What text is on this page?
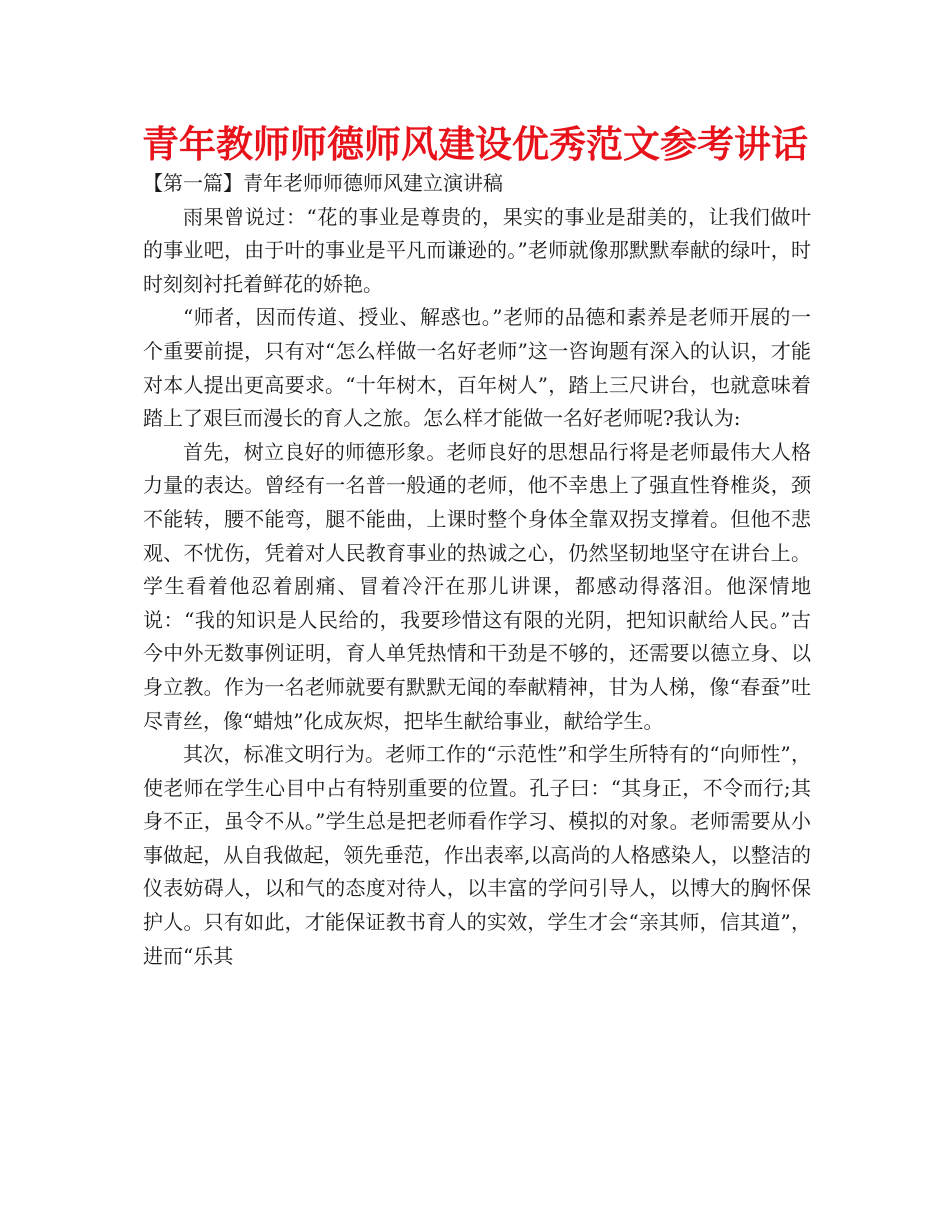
青年教师师德师风建设优秀范文参考讲话

【第一篇】青年老师师德师风建立演讲稿

雨果曾说过：“花的事业是尊贵的，果实的事业是甜美的，让我们做叶的事业吧，由于叶的事业是平凡而谦逊的。”老师就像那默默奉献的绿叶，时时刻刻衬托着鲜花的娇艳。

“师者，因而传道、授业、解惑也。”老师的品德和素养是老师开展的一个重要前提，只有对“怎么样做一名好老师”这一咨询题有深入的认识，才能对本人提出更高要求。“十年树木，百年树人”，踏上三尺讲台，也就意味着踏上了艰巨而漫长的育人之旅。怎么样才能做一名好老师呢?我认为:

首先，树立良好的师德形象。老师良好的思想品行将是老师最伟大人格力量的表达。曾经有一名普一般通的老师，他不幸患上了强直性脊椎炎，颈不能转，腰不能弯，腿不能曲，上课时整个身体全靠双拐支撑着。但他不悲观、不忧伤，凭着对人民教育事业的热诚之心，仍然坚韧地坚守在讲台上。学生看着他忍着剧痛、冒着冷汗在那儿讲课，都感动得落泪。他深情地说：“我的知识是人民给的，我要珍惜这有限的光阴，把知识献给人民。”古今中外无数事例证明，育人单凭热情和干劲是不够的，还需要以德立身、以身立教。作为一名老师就要有默默无闻的奉献精神，甘为人梯，像“春蚕”吐尽青丝，像“蜡烛”化成灰烬，把毕生献给事业，献给学生。

其次，标准文明行为。老师工作的“示范性”和学生所特有的“向师性”，使老师在学生心目中占有特别重要的位置。孔子曰：“其身正，不令而行;其身不正，虽令不从。”学生总是把老师看作学习、模拟的对象。老师需要从小事做起，从自我做起，领先垂范，作出表率,以高尚的人格感染人，以整洁的仪表妨碍人，以和气的态度对待人，以丰富的学问引导人，以博大的胸怀保护人。只有如此，才能保证教书育人的实效，学生才会“亲其师，信其道”，进而“乐其
